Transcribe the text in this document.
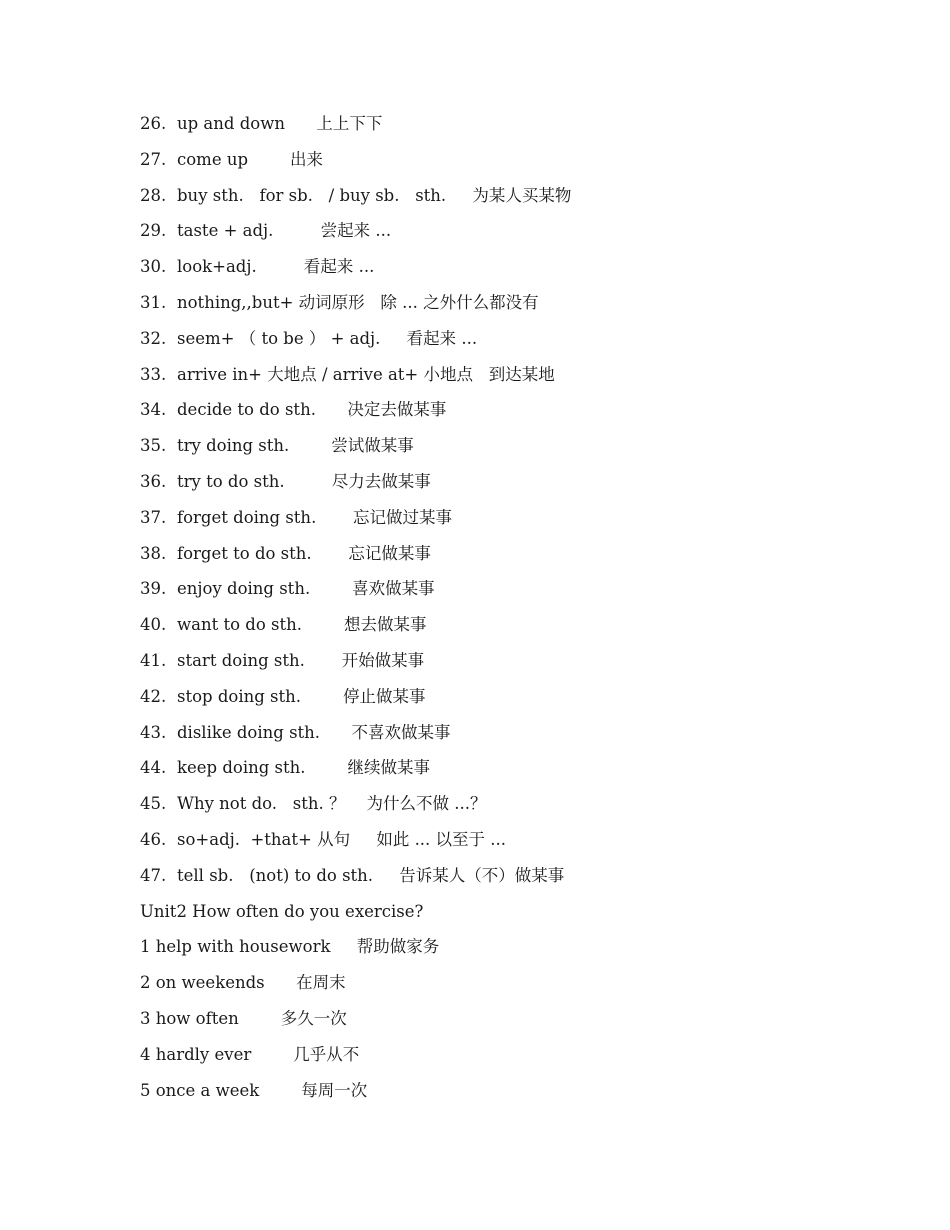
26. up and down      上上下下
27. come up        出来
28. buy sth.   for sb.   / buy sb.   sth.     为某人买某物
29. taste + adj.         尝起来 ...
30. look+adj.         看起来 ...
31. nothing,,but+ 动词原形   除 ... 之外什么都没有
32. seem+ （ to be ） + adj.     看起来 ...
33. arrive in+ 大地点 / arrive at+ 小地点   到达某地
34. decide to do sth.      决定去做某事
35. try doing sth.        尝试做某事
36. try to do sth.         尽力去做某事
37. forget doing sth.       忘记做过某事
38. forget to do sth.       忘记做某事
39. enjoy doing sth.        喜欢做某事
40. want to do sth.        想去做某事
41. start doing sth.       开始做某事
42. stop doing sth.        停止做某事
43. dislike doing sth.      不喜欢做某事
44. keep doing sth.        继续做某事
45. Why not do.   sth. ？    为什么不做 ...？
46. so+adj.  +that+ 从句     如此 ... 以至于 ...
47. tell sb.   (not) to do sth.     告诉某人（不）做某事
Unit2 How often do you exercise?
1 help with housework     帮助做家务
2 on weekends      在周末
3 how often        多久一次
4 hardly ever        几乎从不
5 once a week        每周一次
